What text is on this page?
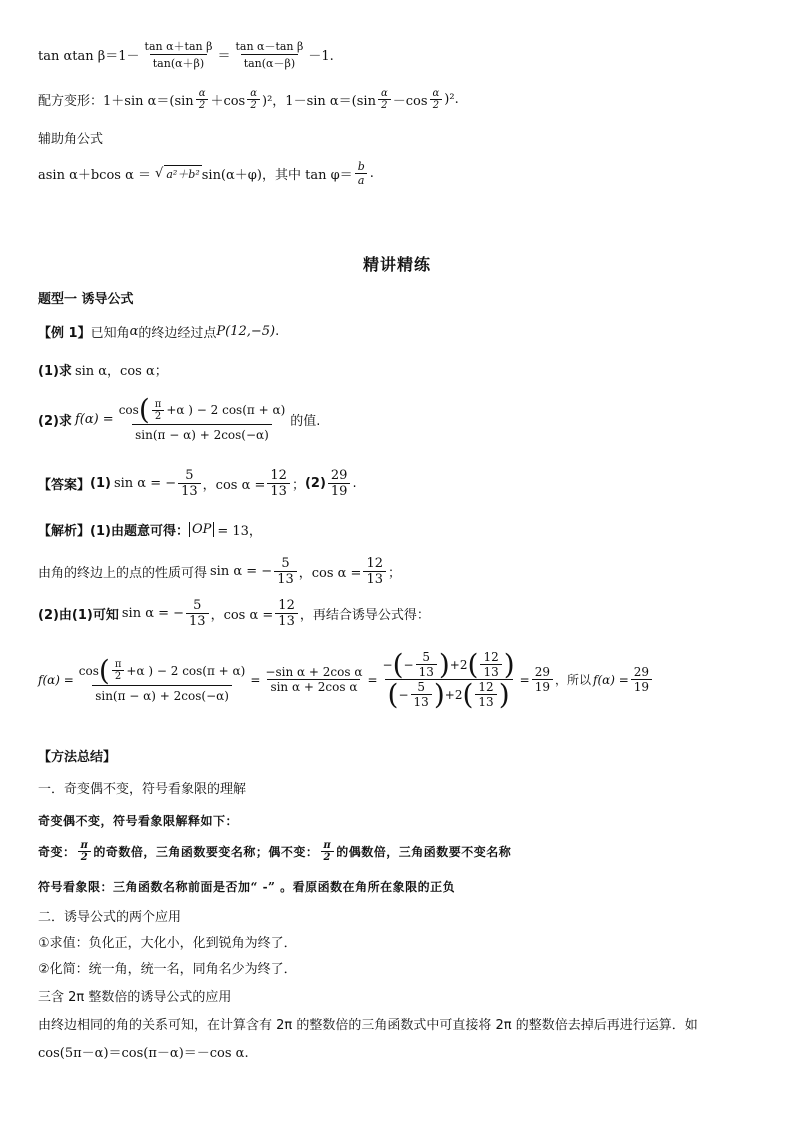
tan αtan $\beta=1- \frac{\text{tan α＋tan β}}{\tan(\alpha+\beta)} = \frac{\text{tan α－tan β}}{\tan(\alpha-\beta)} -1$.
配方变形： 1＋sin $\alpha=(\sin \frac{\alpha}{2} +\cos \frac{\alpha}{2} )^2$， 1－sin $\alpha=(\sin \frac{\alpha}{2} -\cos \frac{\alpha}{2} )^2$.
辅助角公式
asin α＋bcos α ＝ √ a²＋b² sin(α＋φ)，其中 $\tan \varphi= \frac{b}{a}$ .
精讲精练
题型一 诱导公式
【例 1】 已知角 α 的终边经过点 P(12,−5) .
(1)求 sin α，cos α；
(2)求 $f(\alpha) = \frac{\cos ( \frac{\pi}{2} +\alpha ) - 2 \cos(\pi + \alpha)}{\sin(\pi - \alpha) + 2\cos(-\alpha)}$ 的值.
【答案】 (1) sin α = − $\frac{5}{13}$ ，$\cos \alpha = \frac{12}{13}$ ； $(2) \frac{29}{19}$ .
【解析】 (1)由题意可得： OP = 13，
由角的终边上的点的性质可得 sin α = − $\frac{5}{13}$ ，$\cos \alpha = \frac{12}{13}$ ；
(2)由(1)可知 sin α = − $\frac{5}{13}$ ，$\cos \alpha = \frac{12}{13}$ ，再结合诱导公式得：
$f(\alpha) = \frac{\cos ( \frac{\pi}{2} +\alpha ) - 2 \cos(\pi + \alpha)}{\sin(\pi - \alpha) + 2\cos(-\alpha)} = \frac{\text{−sin α + 2cos α}}{\text{sin α + 2cos α}} = \frac{- ( - \frac{5}{13} ) +2 ( \frac{12}{13} )}{( - \frac{5}{13} ) +2 ( \frac{12}{13} )} = \frac{29}{19}$ ，所以 $f(\alpha) = \frac{29}{19}$
【方法总结】
一．奇变偶不变，符号看象限的理解
奇变偶不变，符号看象限解释如下：
奇变： $\frac{\pi}{2}$ 的奇数倍，三角函数要变名称；偶不变： $\frac{\pi}{2}$ 的偶数倍，三角函数要不变名称
符号看象限：三角函数名称前面是否加“ -” 。看原函数在角所在象限的正负
二．诱导公式的两个应用
①求值：负化正，大化小，化到锐角为终了．
②化简：统一角，统一名，同角名少为终了．
三含 2π 整数倍的诱导公式的应用
由终边相同的角的关系可知，在计算含有 2π 的整数倍的三角函数式中可直接将 2π 的整数倍去掉后再进行运算．如
cos(5π－α)＝cos(π－α)＝－cos α.
